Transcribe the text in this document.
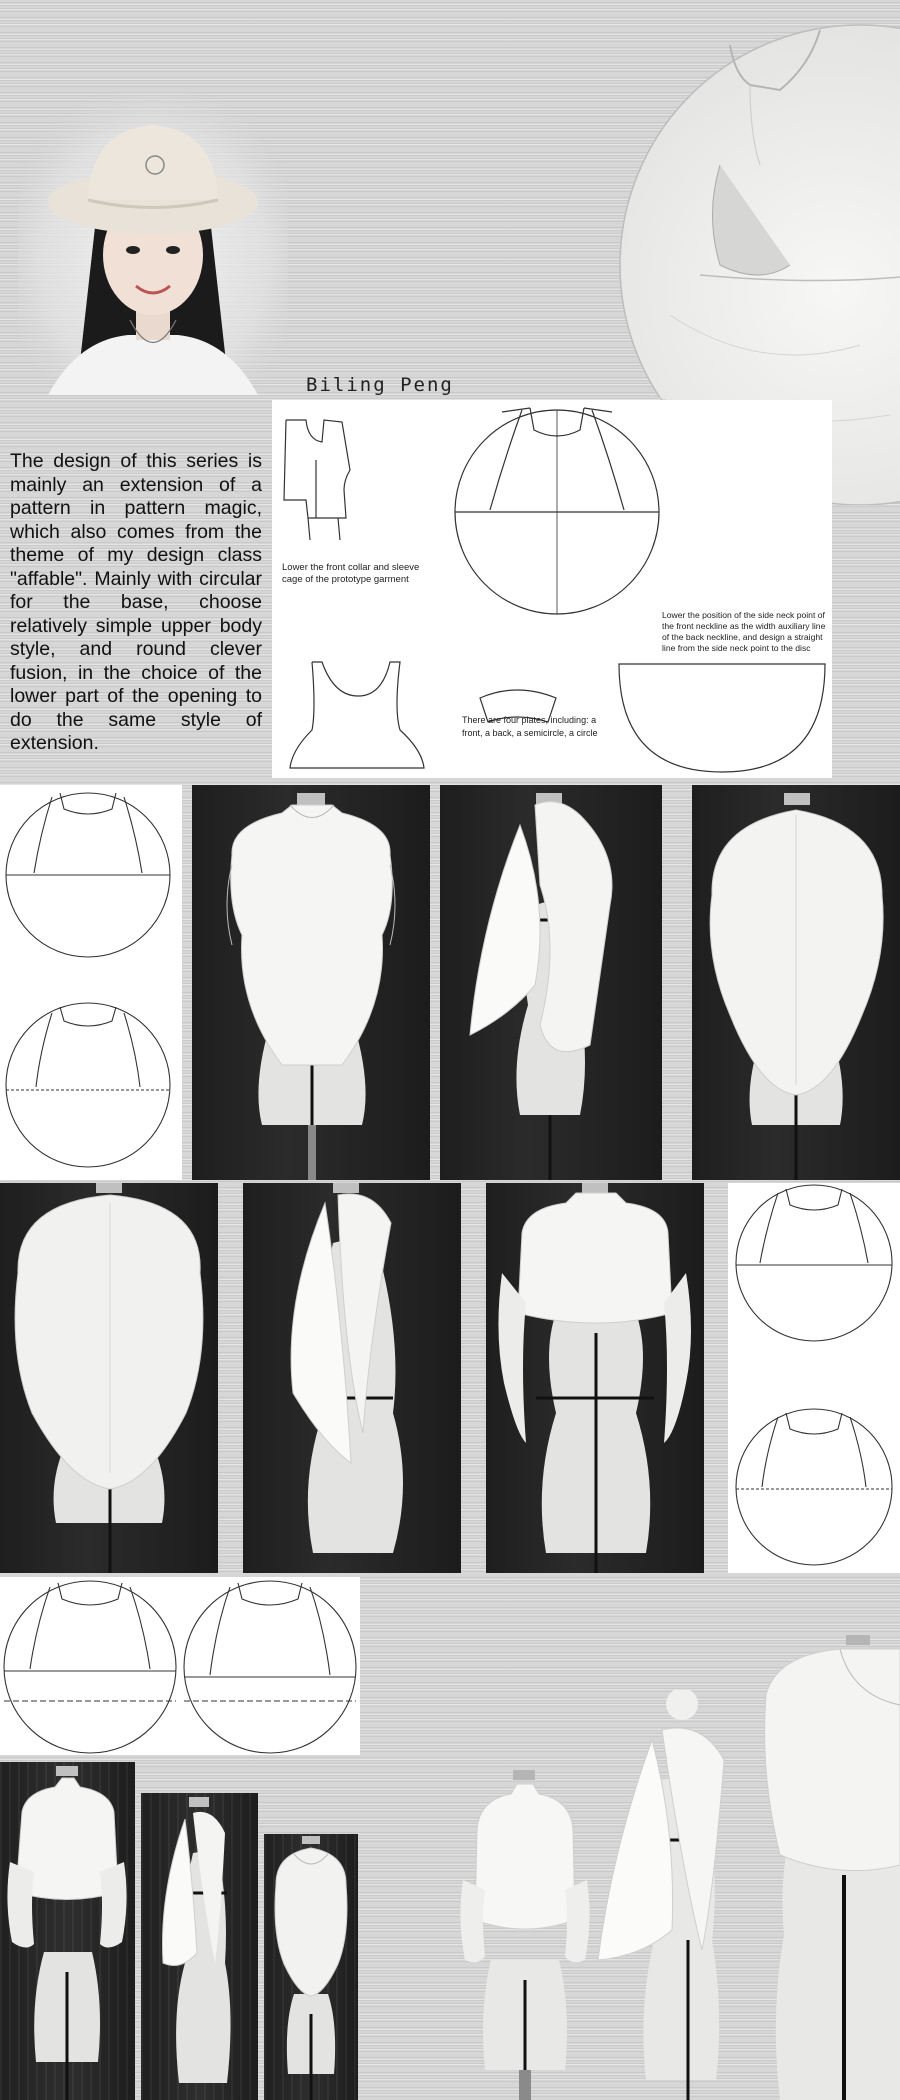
Biling Peng
The design of this series is mainly an extension of a pattern in pattern magic, which also comes from the theme of my design class "affable". Mainly with circular for the base, choose relatively simple upper body style, and round clever fusion, in the choice of the lower part of the opening to do the same style of extension.
Lower the front collar and sleeve cage of the prototype garment
Lower the position of the side neck point of the front neckline as the width auxiliary line of the back neckline, and design a straight line from the side neck point to the disc
There are four plates, including: a front, a back, a semicircle, a circle
